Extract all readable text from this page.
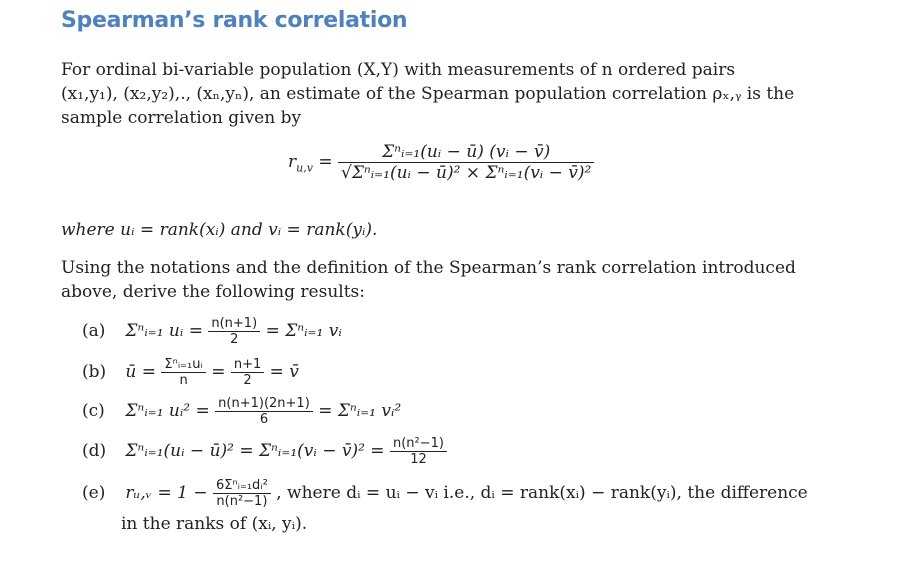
Spearman’s rank correlation
For ordinal bi-variable population (X,Y) with measurements of n ordered pairs
(x₁,y₁), (x₂,y₂),., (xₙ,yₙ), an estimate of the Spearman population correlation ρₓ,ᵧ is the
sample correlation given by
$r_{u,v} = \frac{\text{Σⁿᵢ₌₁(uᵢ − ū) (vᵢ − v̄)}}{\text{√Σⁿᵢ₌₁(uᵢ − ū)² × Σⁿᵢ₌₁(vᵢ − v̄)²}}$
where uᵢ = rank(xᵢ) and vᵢ = rank(yᵢ).
Using the notations and the definition of the Spearman’s rank correlation introduced
above, derive the following results:
(a) Σⁿᵢ₌₁ uᵢ = $\frac{n(n+1)}{2}$ = Σⁿᵢ₌₁ vᵢ
(b) ū = $\frac{\text{Σⁿᵢ₌₁uᵢ}}{n} = \frac{n+1}{2}$ = v̄
(c) Σⁿᵢ₌₁ uᵢ² = $\frac{n(n+1)(2n+1)}{6}$ = Σⁿᵢ₌₁ vᵢ²
(d) Σⁿᵢ₌₁(uᵢ − ū)² = Σⁿᵢ₌₁(vᵢ − v̄)² = $\frac{\text{n(n²−1)}}{12}$
(e) rᵤ,ᵥ = $1 - \frac{\text{6Σⁿᵢ₌₁dᵢ²}}{\text{n(n²−1)}}$ , where dᵢ = uᵢ − vᵢ i.e., dᵢ = rank(xᵢ) − rank(yᵢ), the difference
in the ranks of (xᵢ, yᵢ).
